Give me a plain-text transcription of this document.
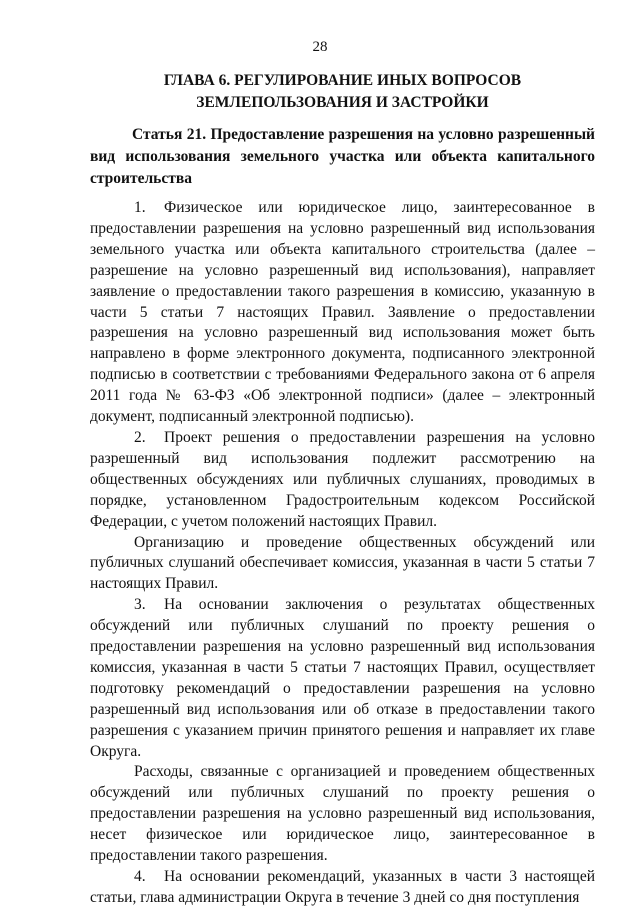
28
ГЛАВА 6. РЕГУЛИРОВАНИЕ ИНЫХ ВОПРОСОВ ЗЕМЛЕПОЛЬЗОВАНИЯ И ЗАСТРОЙКИ
Статья 21. Предоставление разрешения на условно разрешенный вид использования земельного участка или объекта капитального строительства

1. Физическое или юридическое лицо, заинтересованное в предоставлении разрешения на условно разрешенный вид использования земельного участка или объекта капитального строительства (далее – разрешение на условно разрешенный вид использования), направляет заявление о предоставлении такого разрешения в комиссию, указанную в части 5 статьи 7 настоящих Правил. Заявление о предоставлении разрешения на условно разрешенный вид использования может быть направлено в форме электронного документа, подписанного электронной подписью в соответствии с требованиями Федерального закона от 6 апреля 2011 года № 63-ФЗ «Об электронной подписи» (далее – электронный документ, подписанный электронной подписью).

2. Проект решения о предоставлении разрешения на условно разрешенный вид использования подлежит рассмотрению на общественных обсуждениях или публичных слушаниях, проводимых в порядке, установленном Градостроительным кодексом Российской Федерации, с учетом положений настоящих Правил.

Организацию и проведение общественных обсуждений или публичных слушаний обеспечивает комиссия, указанная в части 5 статьи 7 настоящих Правил.

3. На основании заключения о результатах общественных обсуждений или публичных слушаний по проекту решения о предоставлении разрешения на условно разрешенный вид использования комиссия, указанная в части 5 статьи 7 настоящих Правил, осуществляет подготовку рекомендаций о предоставлении разрешения на условно разрешенный вид использования или об отказе в предоставлении такого разрешения с указанием причин принятого решения и направляет их главе Округа.

Расходы, связанные с организацией и проведением общественных обсуждений или публичных слушаний по проекту решения о предоставлении разрешения на условно разрешенный вид использования, несет физическое или юридическое лицо, заинтересованное в предоставлении такого разрешения.

4. На основании рекомендаций, указанных в части 3 настоящей статьи, глава администрации Округа в течение 3 дней со дня поступления
